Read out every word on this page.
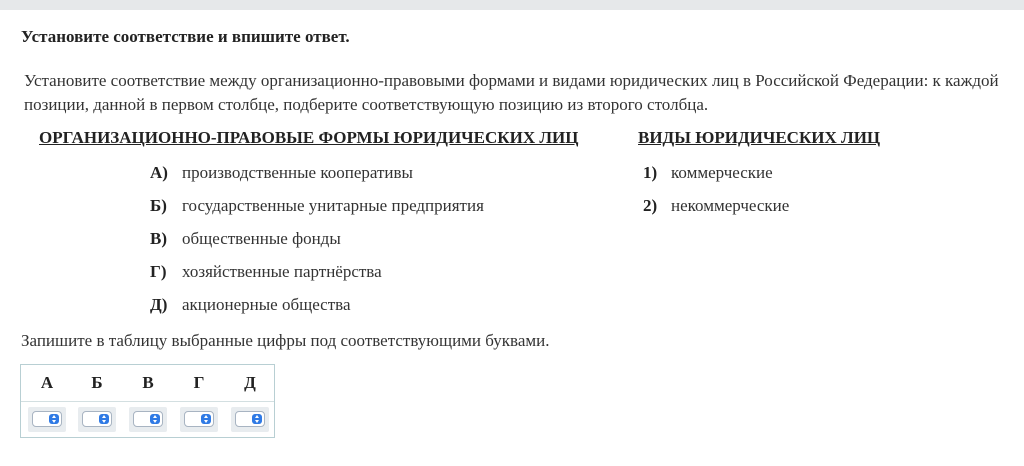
Установите соответствие и впишите ответ.
Установите соответствие между организационно-правовыми формами и видами юридических лиц в Российской Федерации: к каждой позиции, данной в первом столбце, подберите соответствующую позицию из второго столбца.
ОРГАНИЗАЦИОННО-ПРАВОВЫЕ ФОРМЫ ЮРИДИЧЕСКИХ ЛИЦ	ВИДЫ ЮРИДИЧЕСКИХ ЛИЦ
А) производственные кооперативы
Б) государственные унитарные предприятия
В) общественные фонды
Г) хозяйственные партнёрства
Д) акционерные общества
1) коммерческие
2) некоммерческие
Запишите в таблицу выбранные цифры под соответствующими буквами.
А	Б	В	Г	Д
